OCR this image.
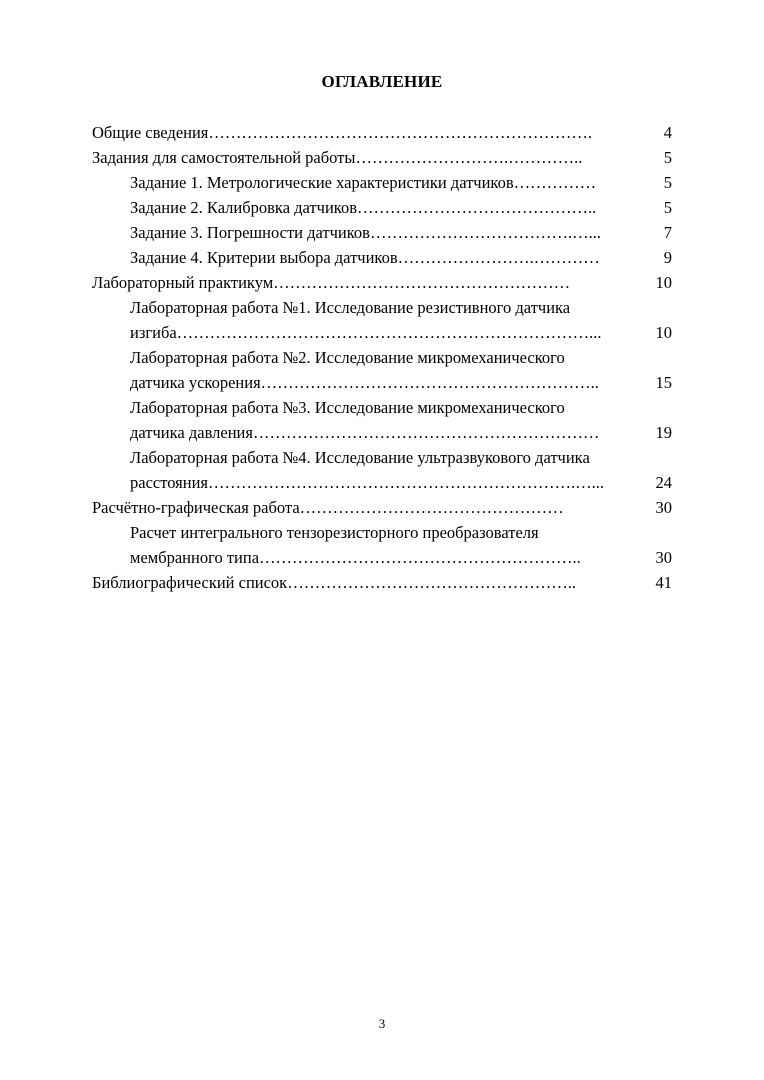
ОГЛАВЛЕНИЕ
Общие сведения…………………………………………………………….	4
Задания для самостоятельной работы……………………….…………..	5
Задание 1. Метрологические характеристики датчиков……………	5
Задание 2. Калибровка датчиков……………………………………..	5
Задание 3. Погрешности датчиков……………………………….…...	7
Задание 4. Критерии выбора датчиков…………………….…………	9
Лабораторный практикум………………………………………………	10
Лабораторная работа №1. Исследование резистивного датчика
изгиба…………………………………………………………………...	10
Лабораторная работа №2. Исследование микромеханического
датчика ускорения……………………………………………………..	15
Лабораторная работа №3. Исследование микромеханического
датчика давления………………………………………………………	19
Лабораторная работа №4. Исследование ультразвукового датчика
расстояния………………………………………………………….…...	24
Расчётно-графическая работа…………………………………………	30
Расчет интегрального тензорезисторного преобразователя
мембранного типа…………………………………………………..	30
Библиографический список……………………………………………..	41
3
